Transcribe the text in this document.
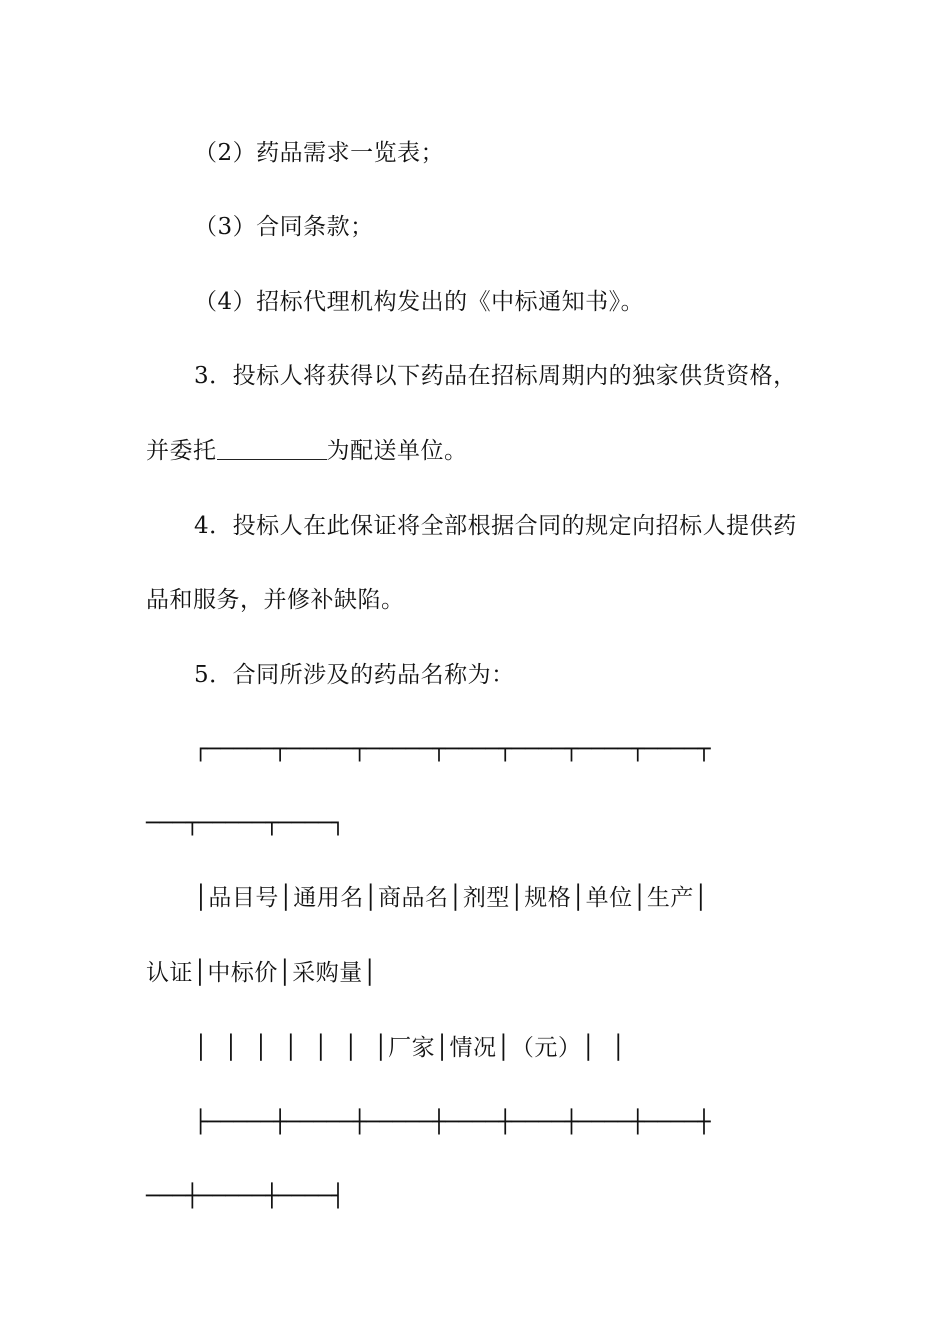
（2）药品需求一览表；
（3）合同条款；
（4）招标代理机构发出的《中标通知书》。
3．投标人将获得以下药品在招标周期内的独家供货资格，
并委托	为配送单位。
4．投标人在此保证将全部根据合同的规定向招标人提供药
品和服务，并修补缺陷。
5．合同所涉及的药品名称为：
┌─────┬─────┬─────┬────┬────┬────┬────┬
───┬─────┬────┐
│品目号│通用名│商品名│剂型│规格│单位│生产│
认证│中标价│采购量│
│  │  │  │  │  │  │厂家│情况│（元）│  │
├─────┼─────┼─────┼────┼────┼────┼────┼
───┼─────┼────┤
